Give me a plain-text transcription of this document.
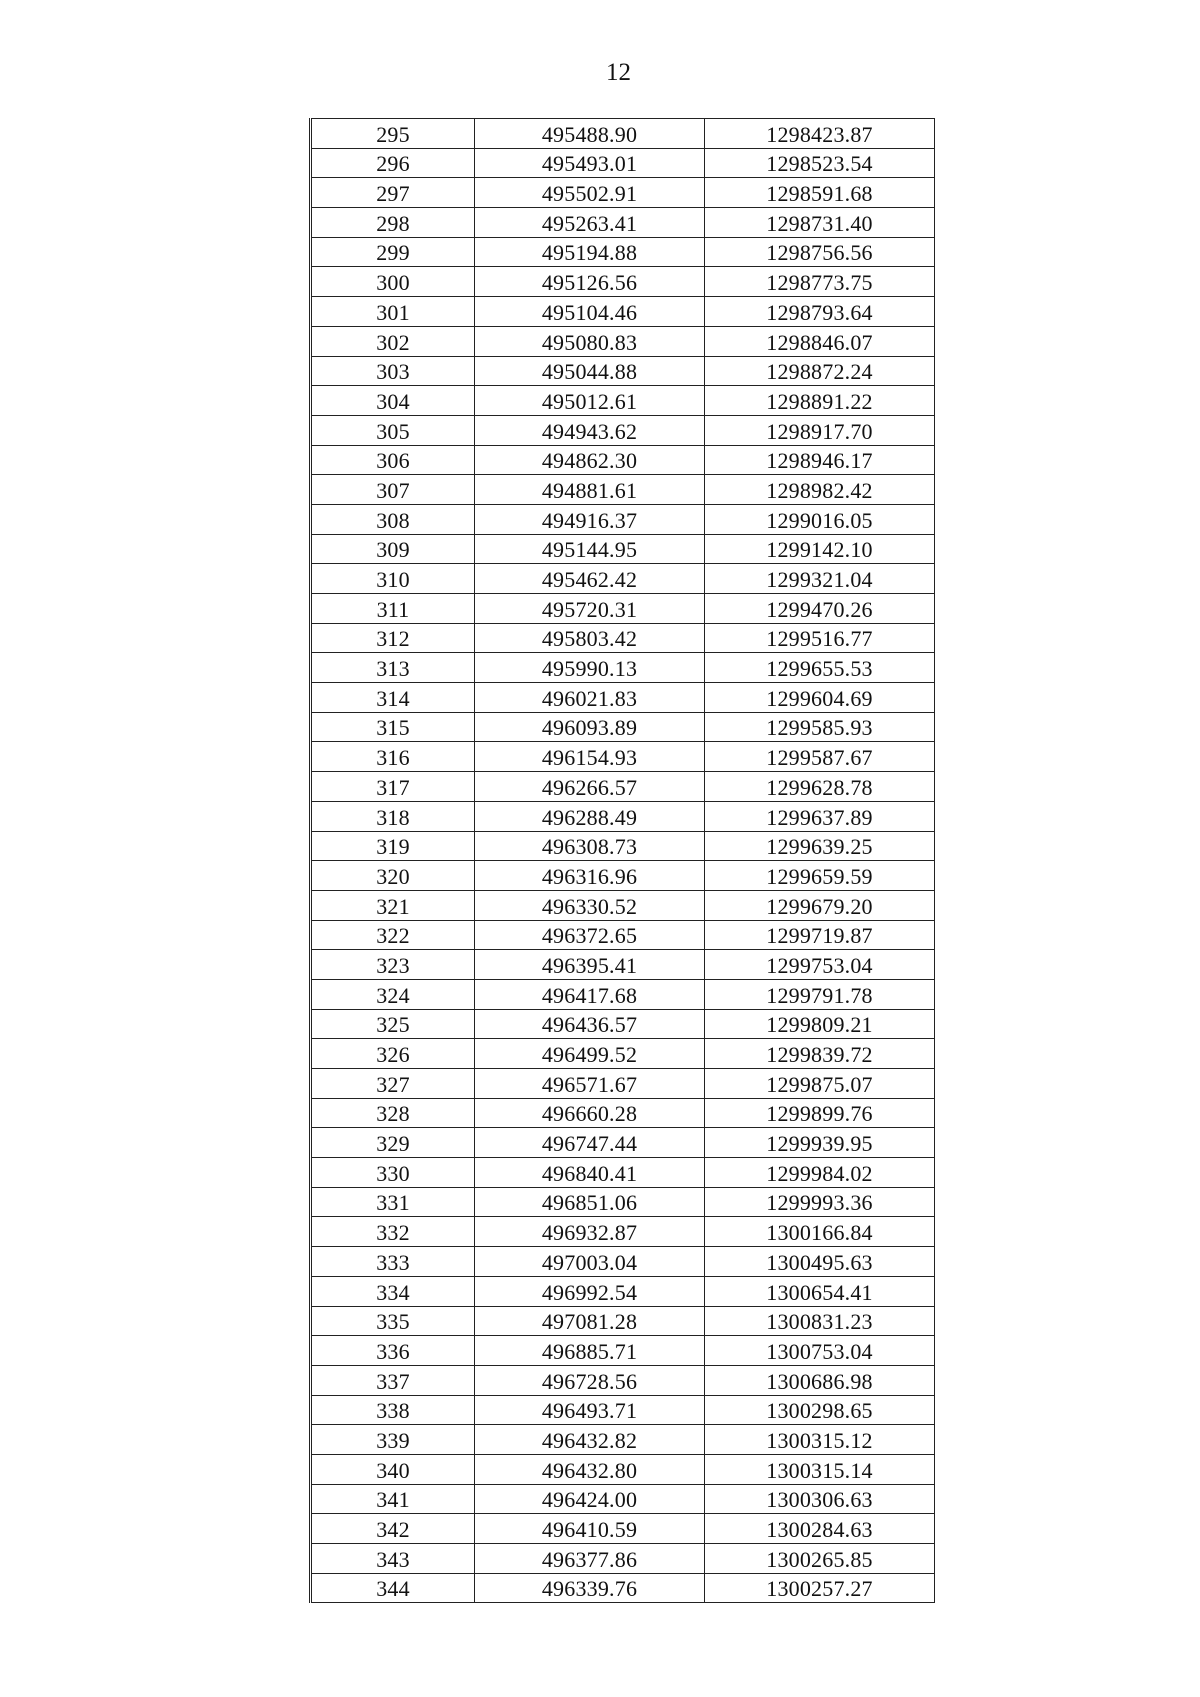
12
295	495488.90	1298423.87
296	495493.01	1298523.54
297	495502.91	1298591.68
298	495263.41	1298731.40
299	495194.88	1298756.56
300	495126.56	1298773.75
301	495104.46	1298793.64
302	495080.83	1298846.07
303	495044.88	1298872.24
304	495012.61	1298891.22
305	494943.62	1298917.70
306	494862.30	1298946.17
307	494881.61	1298982.42
308	494916.37	1299016.05
309	495144.95	1299142.10
310	495462.42	1299321.04
311	495720.31	1299470.26
312	495803.42	1299516.77
313	495990.13	1299655.53
314	496021.83	1299604.69
315	496093.89	1299585.93
316	496154.93	1299587.67
317	496266.57	1299628.78
318	496288.49	1299637.89
319	496308.73	1299639.25
320	496316.96	1299659.59
321	496330.52	1299679.20
322	496372.65	1299719.87
323	496395.41	1299753.04
324	496417.68	1299791.78
325	496436.57	1299809.21
326	496499.52	1299839.72
327	496571.67	1299875.07
328	496660.28	1299899.76
329	496747.44	1299939.95
330	496840.41	1299984.02
331	496851.06	1299993.36
332	496932.87	1300166.84
333	497003.04	1300495.63
334	496992.54	1300654.41
335	497081.28	1300831.23
336	496885.71	1300753.04
337	496728.56	1300686.98
338	496493.71	1300298.65
339	496432.82	1300315.12
340	496432.80	1300315.14
341	496424.00	1300306.63
342	496410.59	1300284.63
343	496377.86	1300265.85
344	496339.76	1300257.27
